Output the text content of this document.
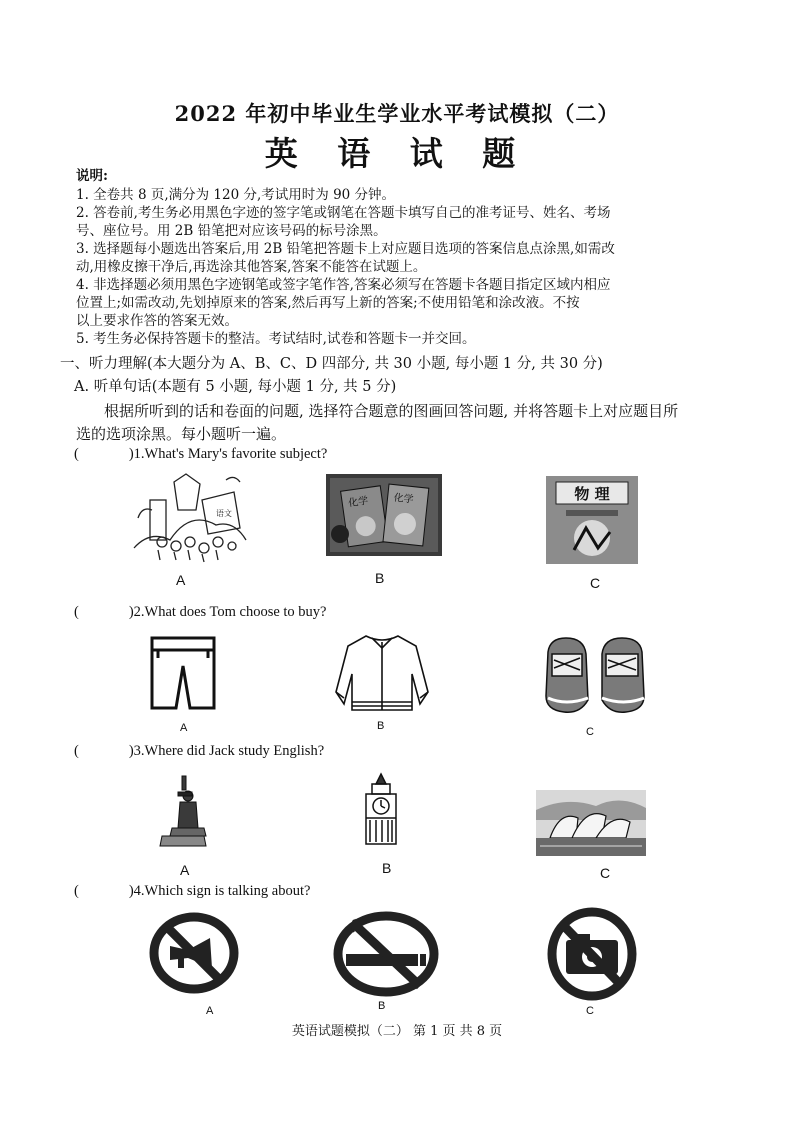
2022 年初中毕业生学业水平考试模拟（二）
英 语 试 题
说明:
1. 全卷共 8 页,满分为 120 分,考试用时为 90 分钟。
2. 答卷前,考生务必用黑色字迹的签字笔或钢笔在答题卡填写自己的准考证号、姓名、考场
号、座位号。用 2B 铅笔把对应该号码的标号涂黑。
3. 选择题每小题选出答案后,用 2B 铅笔把答题卡上对应题目选项的答案信息点涂黑,如需改
动,用橡皮擦干净后,再选涂其他答案,答案不能答在试题上。
4. 非选择题必须用黑色字迹钢笔或签字笔作答,答案必须写在答题卡各题目指定区域内相应
位置上;如需改动,先划掉原来的答案,然后再写上新的答案;不使用铅笔和涂改液。不按
以上要求作答的答案无效。
5. 考生务必保持答题卡的整洁。考试结时,试卷和答题卡一并交回。
一、听力理解(本大题分为 A、B、C、D 四部分, 共 30 小题, 每小题 1 分, 共 30 分)
A. 听单句话(本题有 5 小题, 每小题 1 分, 共 5 分)
根据所听到的话和卷面的问题, 选择符合题意的图画回答问题, 并将答题卡上对应题目所
选的选项涂黑。每小题听一遍。
(	)1.What's Mary's favorite subject?
语文
化学 化学	物 理
A	B	C
(	)2.What does Tom choose to buy?
A	B	C
(	)3.Where did Jack study English?
A	B	C
(	)4.Which sign is talking about?
A	B	C
英语试题模拟（二） 第 1 页 共 8 页
